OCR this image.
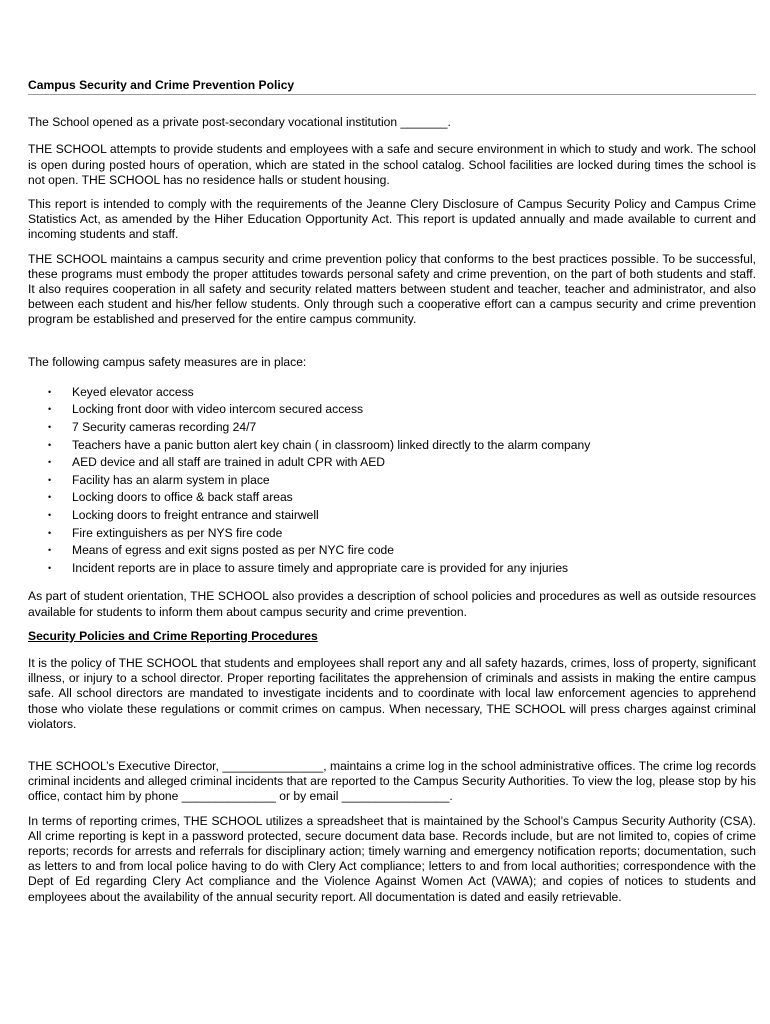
Campus Security and Crime Prevention Policy

The School opened as a private post-secondary vocational institution _______.

THE SCHOOL attempts to provide students and employees with a safe and secure environment in which to study and work. The school is open during posted hours of operation, which are stated in the school catalog. School facilities are locked during times the school is not open. THE SCHOOL has no residence halls or student housing.

This report is intended to comply with the requirements of the Jeanne Clery Disclosure of Campus Security Policy and Campus Crime Statistics Act, as amended by the Hiher Education Opportunity Act. This report is updated annually and made available to current and incoming students and staff.

THE SCHOOL maintains a campus security and crime prevention policy that conforms to the best practices possible. To be successful, these programs must embody the proper attitudes towards personal safety and crime prevention, on the part of both students and staff. It also requires cooperation in all safety and security related matters between student and teacher, teacher and administrator, and also between each student and his/her fellow students. Only through such a cooperative effort can a campus security and crime prevention program be established and preserved for the entire campus community.

The following campus safety measures are in place:

• Keyed elevator access
• Locking front door with video intercom secured access
• 7 Security cameras recording 24/7
• Teachers have a panic button alert key chain ( in classroom) linked directly to the alarm company
• AED device and all staff are trained in adult CPR with AED
• Facility has an alarm system in place
• Locking doors to office & back staff areas
• Locking doors to freight entrance and stairwell
• Fire extinguishers as per NYS fire code
• Means of egress and exit signs posted as per NYC fire code
• Incident reports are in place to assure timely and appropriate care is provided for any injuries

As part of student orientation, THE SCHOOL also provides a description of school policies and procedures as well as outside resources available for students to inform them about campus security and crime prevention.

Security Policies and Crime Reporting Procedures

It is the policy of THE SCHOOL that students and employees shall report any and all safety hazards, crimes, loss of property, significant illness, or injury to a school director. Proper reporting facilitates the apprehension of criminals and assists in making the entire campus safe. All school directors are mandated to investigate incidents and to coordinate with local law enforcement agencies to apprehend those who violate these regulations or commit crimes on campus. When necessary, THE SCHOOL will press charges against criminal violators.

THE SCHOOL’s Executive Director, _______________, maintains a crime log in the school administrative offices. The crime log records criminal incidents and alleged criminal incidents that are reported to the Campus Security Authorities. To view the log, please stop by his office, contact him by phone ______________ or by email ________________.

In terms of reporting crimes, THE SCHOOL utilizes a spreadsheet that is maintained by the School’s Campus Security Authority (CSA). All crime reporting is kept in a password protected, secure document data base. Records include, but are not limited to, copies of crime reports; records for arrests and referrals for disciplinary action; timely warning and emergency notification reports; documentation, such as letters to and from local police having to do with Clery Act compliance; letters to and from local authorities; correspondence with the Dept of Ed regarding Clery Act compliance and the Violence Against Women Act (VAWA); and copies of notices to students and employees about the availability of the annual security report. All documentation is dated and easily retrievable.
